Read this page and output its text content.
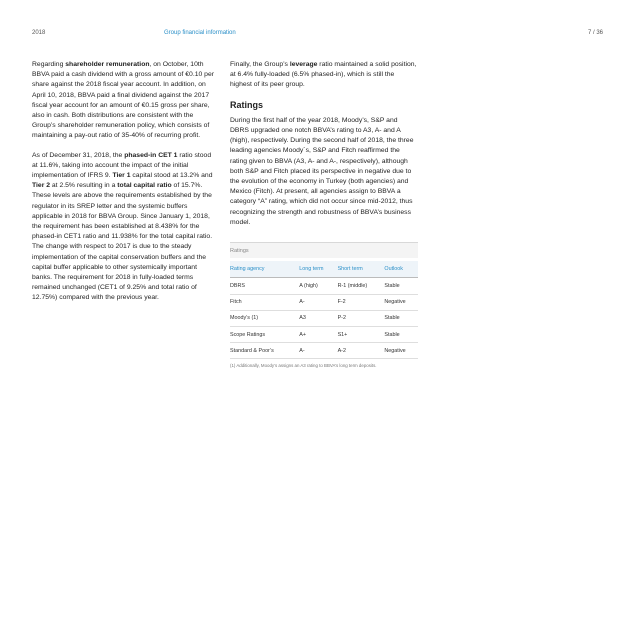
2018	Group financial information	7 / 36

Regarding shareholder remuneration, on October, 10th BBVA paid a cash dividend with a gross amount of €0.10 per share against the 2018 fiscal year account. In addition, on April 10, 2018, BBVA paid a final dividend against the 2017 fiscal year account for an amount of €0.15 gross per share, also in cash. Both distributions are consistent with the Group’s shareholder remuneration policy, which consists of maintaining a pay-out ratio of 35-40% of recurring profit.

As of December 31, 2018, the phased-in CET 1 ratio stood at 11.6%, taking into account the impact of the initial implementation of IFRS 9. Tier 1 capital stood at 13.2% and Tier 2 at 2.5% resulting in a total capital ratio of 15.7%. These levels are above the requirements established by the regulator in its SREP letter and the systemic buffers applicable in 2018 for BBVA Group. Since January 1, 2018, the requirement has been established at 8.438% for the phased-in CET1 ratio and 11.938% for the total capital ratio. The change with respect to 2017 is due to the steady implementation of the capital conservation buffers and the capital buffer applicable to other systemically important banks. The requirement for 2018 in fully-loaded terms remained unchanged (CET1 of 9.25% and total ratio of 12.75%) compared with the previous year.

Finally, the Group’s leverage ratio maintained a solid position, at 6.4% fully-loaded (6.5% phased-in), which is still the highest of its peer group.

Ratings

During the first half of the year 2018, Moody’s, S&P and DBRS upgraded one notch BBVA’s rating to A3, A- and A (high), respectively. During the second half of 2018, the three leading agencies Moody´s, S&P and Fitch reaffirmed the rating given to BBVA (A3, A- and A-, respectively), although both S&P and Fitch placed its perspective in negative due to the evolution of the economy in Turkey (both agencies) and Mexico (Fitch). At present, all agencies assign to BBVA a category “A” rating, which did not occur since mid-2012, thus recognizing the strength and robustness of BBVA’s business model.

Ratings
Rating agency	Long term	Short term	Outlook
DBRS	A (high)	R-1 (middle)	Stable
Fitch	A-	F-2	Negative
Moody’s (1)	A3	P-2	Stable
Scope Ratings	A+	S1+	Stable
Standard & Poor’s	A-	A-2	Negative
(1) Additionally, Moody’s assigns an A3 rating to BBVA’s long term deposits.
